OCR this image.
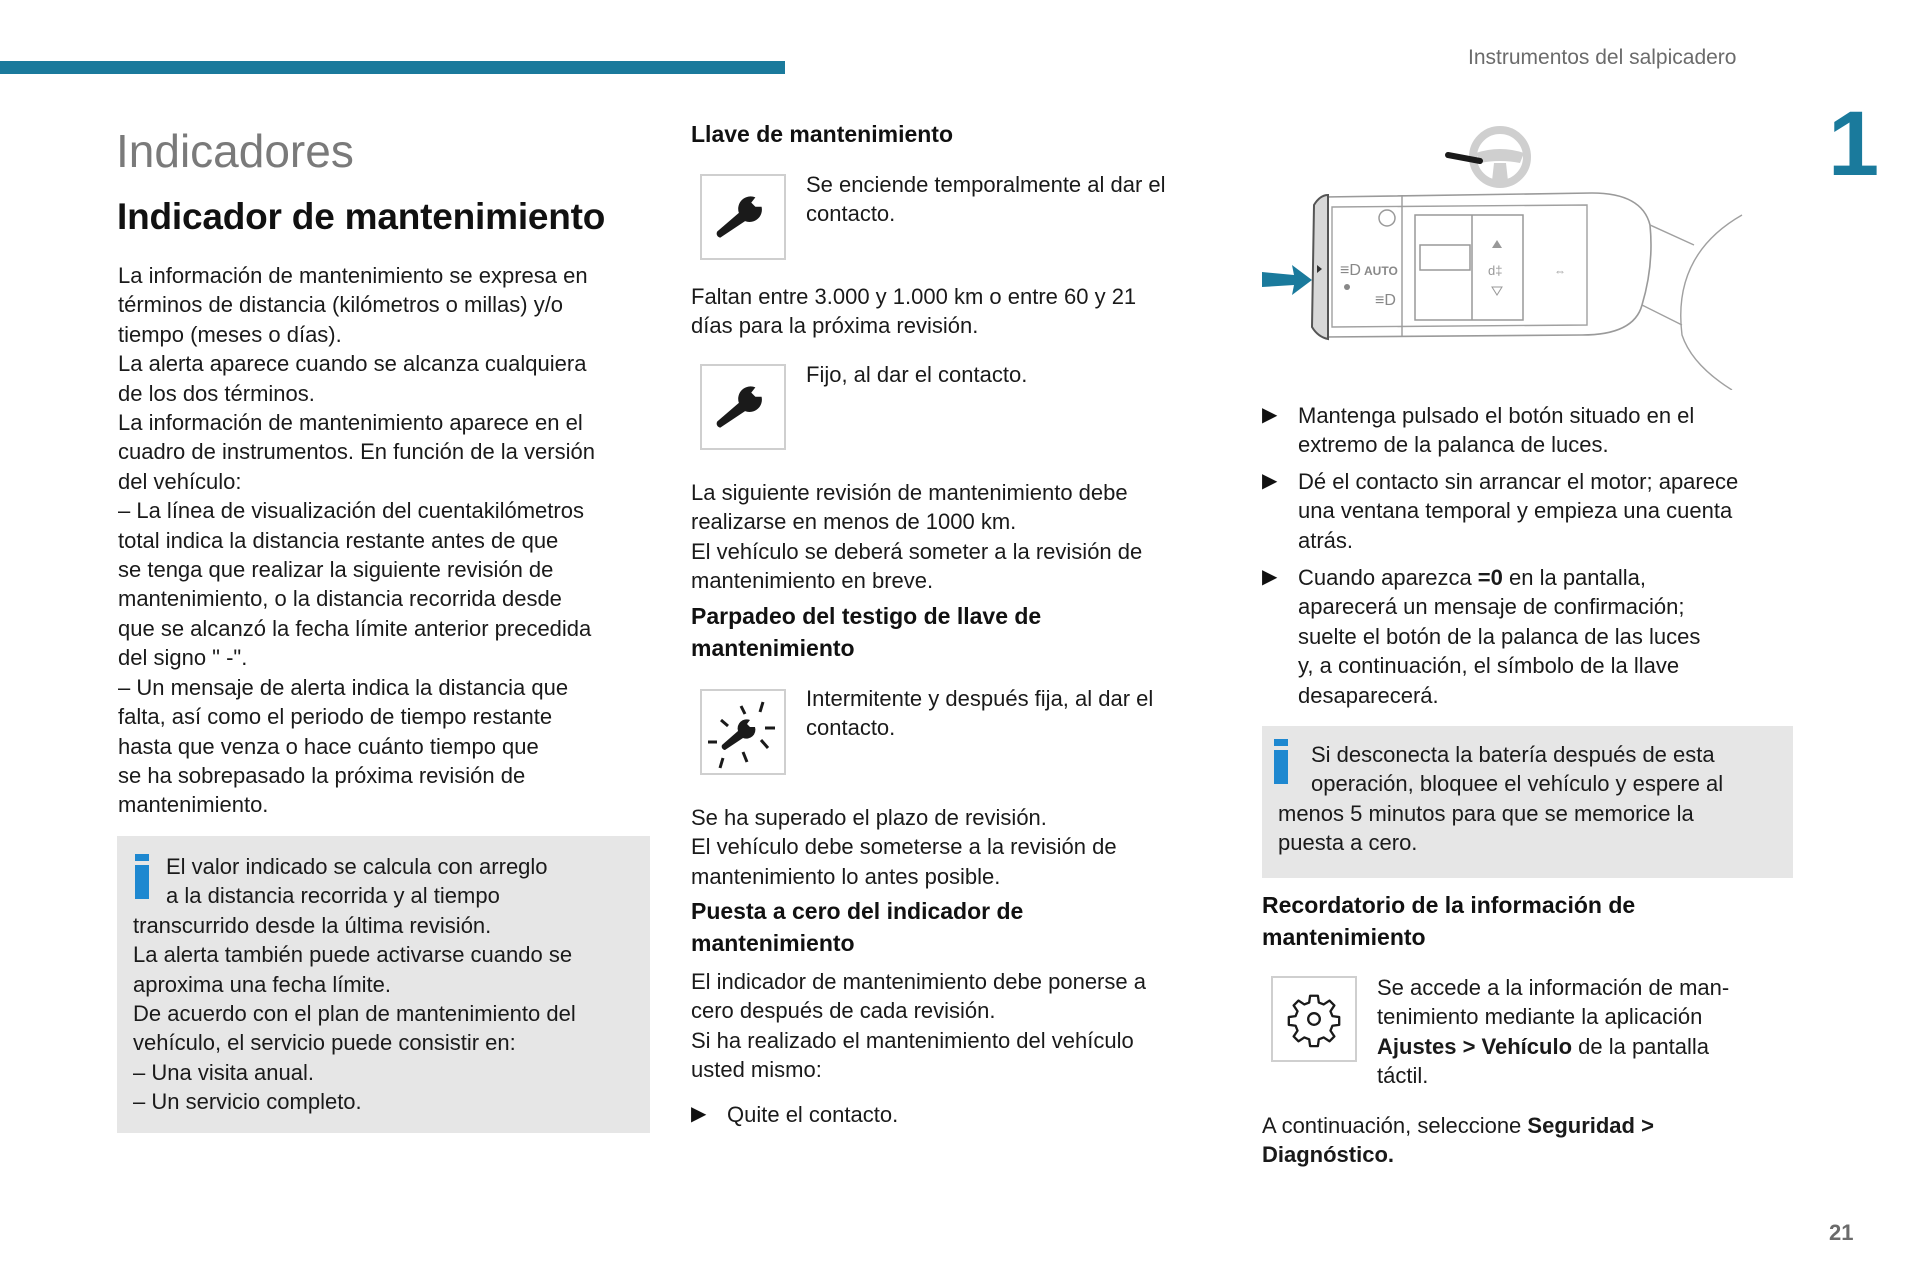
Instrumentos del salpicadero
1
21
Indicadores
Indicador de mantenimiento
La información de mantenimiento se expresa en
términos de distancia (kilómetros o millas) y/o
tiempo (meses o días).
La alerta aparece cuando se alcanza cualquiera
de los dos términos.
La información de mantenimiento aparece en el
cuadro de instrumentos. En función de la versión
del vehículo:
– La línea de visualización del cuentakilómetros
total indica la distancia restante antes de que
se tenga que realizar la siguiente revisión de
mantenimiento, o la distancia recorrida desde
que se alcanzó la fecha límite anterior precedida
del signo " -".
– Un mensaje de alerta indica la distancia que
falta, así como el periodo de tiempo restante
hasta que venza o hace cuánto tiempo que
se ha sobrepasado la próxima revisión de
mantenimiento.
El valor indicado se calcula con arreglo
a la distancia recorrida y al tiempo
transcurrido desde la última revisión.
La alerta también puede activarse cuando se
aproxima una fecha límite.
De acuerdo con el plan de mantenimiento del
vehículo, el servicio puede consistir en:
– Una visita anual.
– Un servicio completo.
Llave de mantenimiento
Se enciende temporalmente al dar el
contacto.
Faltan entre 3.000 y 1.000 km o entre 60 y 21
días para la próxima revisión.
Fijo, al dar el contacto.
La siguiente revisión de mantenimiento debe
realizarse en menos de 1000 km.
El vehículo se deberá someter a la revisión de
mantenimiento en breve.
Parpadeo del testigo de llave de
mantenimiento
Intermitente y después fija, al dar el
contacto.
Se ha superado el plazo de revisión.
El vehículo debe someterse a la revisión de
mantenimiento lo antes posible.
Puesta a cero del indicador de
mantenimiento
El indicador de mantenimiento debe ponerse a
cero después de cada revisión.
Si ha realizado el mantenimiento del vehículo
usted mismo:
▶ Quite el contacto.
≡D AUTO
≡D
d‡	⇔
▶ Mantenga pulsado el botón situado en el
extremo de la palanca de luces.
▶ Dé el contacto sin arrancar el motor; aparece
una ventana temporal y empieza una cuenta
atrás.
▶ Cuando aparezca =0 en la pantalla,
aparecerá un mensaje de confirmación;
suelte el botón de la palanca de las luces
y, a continuación, el símbolo de la llave
desaparecerá.
Si desconecta la batería después de esta
operación, bloquee el vehículo y espere al
menos 5 minutos para que se memorice la
puesta a cero.
Recordatorio de la información de
mantenimiento
Se accede a la información de man-
tenimiento mediante la aplicación
Ajustes > Vehículo de la pantalla
táctil.
A continuación, seleccione Seguridad >
Diagnóstico.
